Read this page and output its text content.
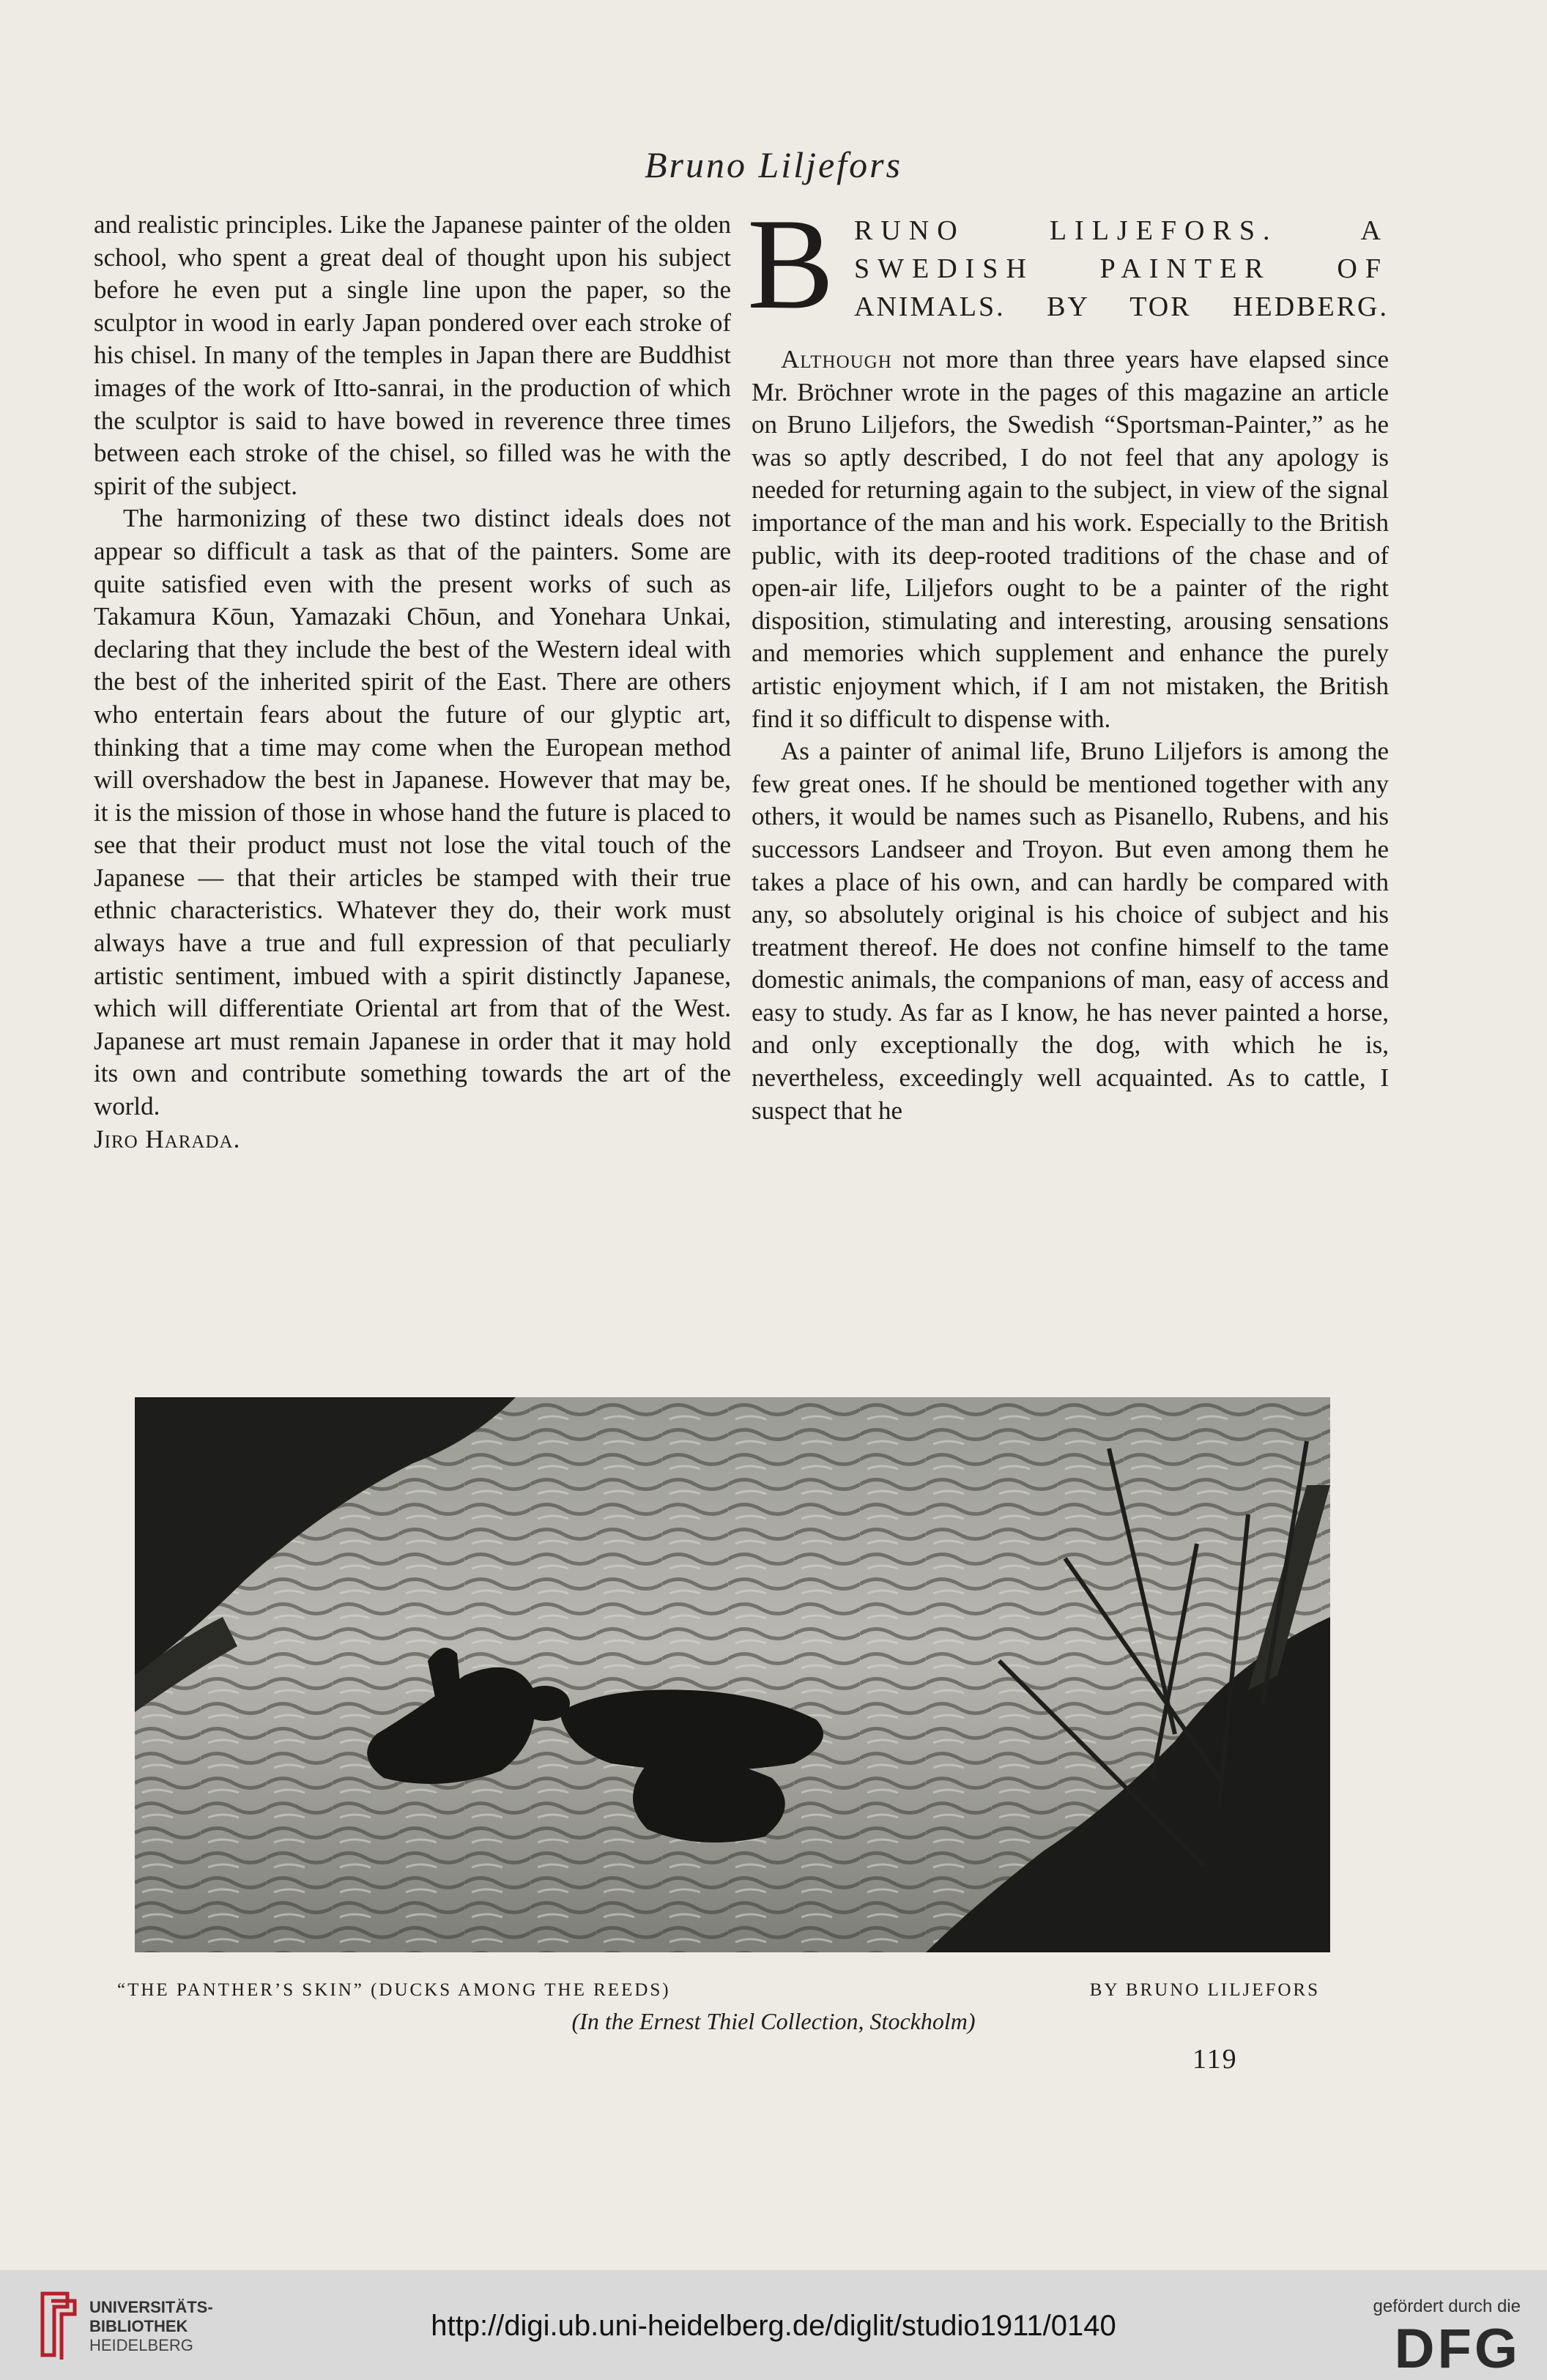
Bruno Liljefors

and realistic principles. Like the Japanese painter of the olden school, who spent a great deal of thought upon his subject before he even put a single line upon the paper, so the sculptor in wood in early Japan pondered over each stroke of his chisel. In many of the temples in Japan there are Buddhist images of the work of Itto-sanrai, in the production of which the sculptor is said to have bowed in reverence three times between each stroke of the chisel, so filled was he with the spirit of the subject.

The harmonizing of these two distinct ideals does not appear so difficult a task as that of the painters. Some are quite satisfied even with the present works of such as Takamura Kōun, Yamazaki Chōun, and Yonehara Unkai, declaring that they include the best of the Western ideal with the best of the inherited spirit of the East. There are others who entertain fears about the future of our glyptic art, thinking that a time may come when the European method will overshadow the best in Japanese. However that may be, it is the mission of those in whose hand the future is placed to see that their product must not lose the vital touch of the Japanese — that their articles be stamped with their true ethnic characteristics. Whatever they do, their work must always have a true and full expression of that peculiarly artistic sentiment, imbued with a spirit distinctly Japanese, which will differentiate Oriental art from that of the West. Japanese art must remain Japanese in order that it may hold its own and contribute something towards the art of the world.

Jiro Harada.

B RUNO LILJEFORS. A
SWEDISH PAINTER OF
ANIMALS. BY TOR HEDBERG.

Although not more than three years have elapsed since Mr. Bröchner wrote in the pages of this magazine an article on Bruno Liljefors, the Swedish “Sportsman-Painter,” as he was so aptly described, I do not feel that any apology is needed for returning again to the subject, in view of the signal importance of the man and his work. Especially to the British public, with its deep-rooted traditions of the chase and of open-air life, Liljefors ought to be a painter of the right disposition, stimulating and interesting, arousing sensations and memories which supplement and enhance the purely artistic enjoyment which, if I am not mistaken, the British find it so difficult to dispense with.

As a painter of animal life, Bruno Liljefors is among the few great ones. If he should be mentioned together with any others, it would be names such as Pisanello, Rubens, and his successors Landseer and Troyon. But even among them he takes a place of his own, and can hardly be compared with any, so absolutely original is his choice of subject and his treatment thereof. He does not confine himself to the tame domestic animals, the companions of man, easy of access and easy to study. As far as I know, he has never painted a horse, and only exceptionally the dog, with which he is, nevertheless, exceedingly well acquainted. As to cattle, I suspect that he

“THE PANTHER’S SKIN” (DUCKS AMONG THE REEDS)	BY BRUNO LILJEFORS
(In the Ernest Thiel Collection, Stockholm)
119
UNIVERSITÄTS-
BIBLIOTHEK
HEIDELBERG
http://digi.ub.uni-heidelberg.de/diglit/studio1911/0140
gefördert durch die
DFG
